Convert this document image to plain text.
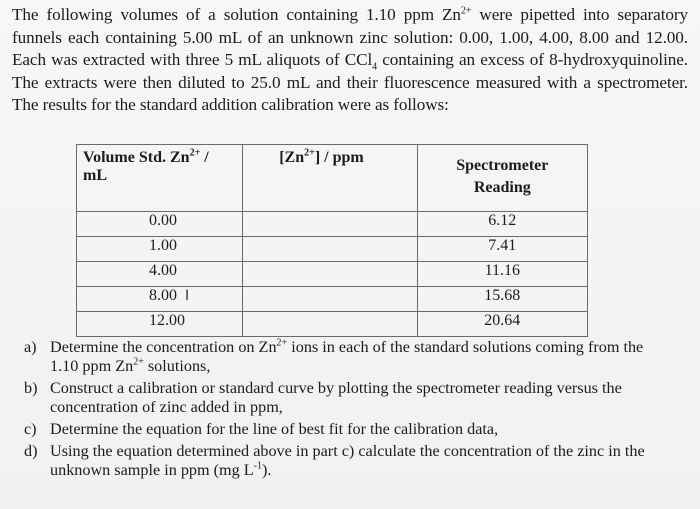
The following volumes of a solution containing 1.10 ppm $Zn^{2+}$ were pipetted into separatory funnels each containing 5.00 mL of an unknown zinc solution: 0.00, 1.00, 4.00, 8.00 and 12.00. Each was extracted with three 5 mL aliquots of CCl$_4$ containing an excess of 8-hydroxyquinoline. The extracts were then diluted to 25.0 mL and their fluorescence measured with a spectrometer. The results for the standard addition calibration were as follows:
Volume Std. $Zn^{2+}$ / mL	$[Zn^{2+}]$ / ppm	Spectrometer
Reading
0.00		6.12
1.00		7.41
4.00		11.16
8.00 I		15.68
12.00		20.64
a) Determine the concentration on $Zn^{2+}$ ions in each of the standard solutions coming from the 1.10 ppm $Zn^{2+}$ solutions,
b) Construct a calibration or standard curve by plotting the spectrometer reading versus the concentration of zinc added in ppm,
c) Determine the equation for the line of best fit for the calibration data,
d) Using the equation determined above in part c) calculate the concentration of the zinc in the unknown sample in ppm (mg $L^{-1}$).
